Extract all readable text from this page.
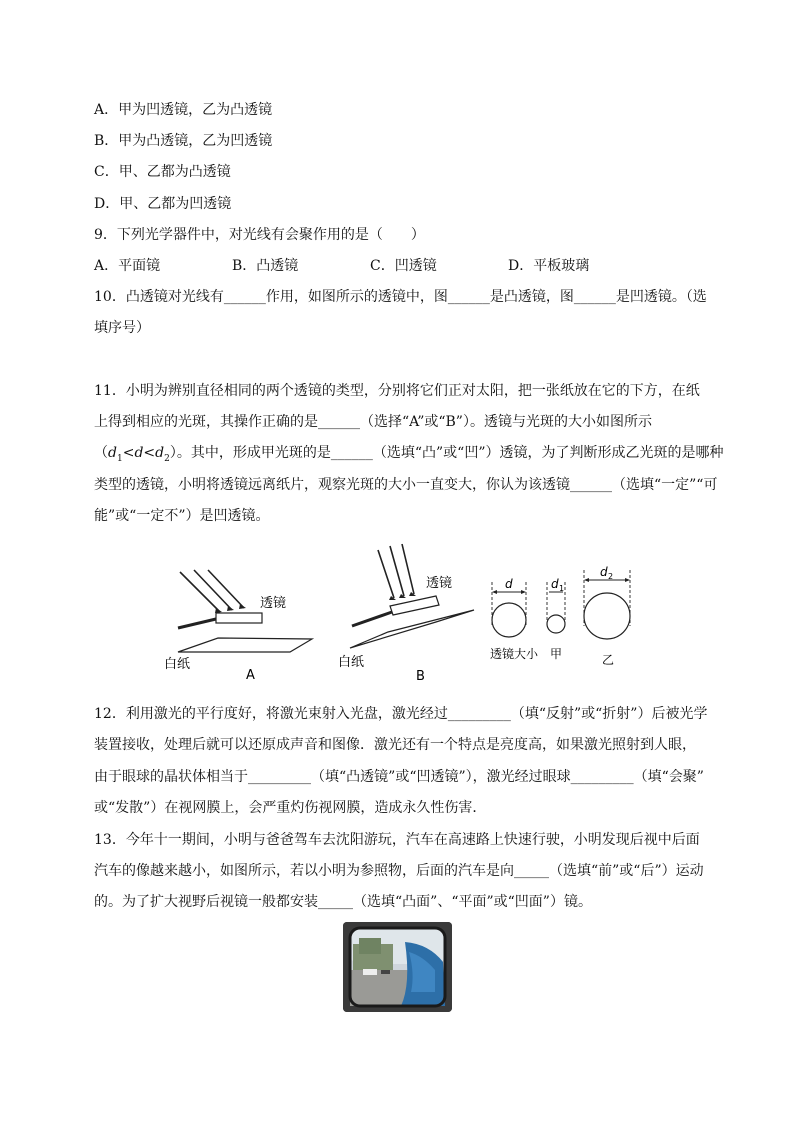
A．甲为凹透镜，乙为凸透镜
B．甲为凸透镜，乙为凹透镜
C．甲、乙都为凸透镜
D．甲、乙都为凹透镜
9．下列光学器件中，对光线有会聚作用的是（　　）
A．平面镜	B．凸透镜	C．凹透镜	D．平板玻璃
10．凸透镜对光线有______作用，如图所示的透镜中，图______是凸透镜，图______是凹透镜。（选
填序号）
11．小明为辨别直径相同的两个透镜的类型，分别将它们正对太阳，把一张纸放在它的下方，在纸
上得到相应的光斑，其操作正确的是______（选择“A”或“B”）。透镜与光斑的大小如图所示
$(d_1<d<d_2)$。其中，形成甲光斑的是______（选填“凸”或“凹”）透镜，为了判断形成乙光斑的是哪种
类型的透镜，小明将透镜远离纸片，观察光斑的大小一直变大，你认为该透镜______（选填“一定”“可
能”或“一定不”）是凹透镜。
透镜
白纸
A
透镜
白纸
B
d
透镜大小
d 1
甲
d 2
乙
12．利用激光的平行度好，将激光束射入光盘，激光经过_________（填“反射”或“折射”）后被光学
装置接收，处理后就可以还原成声音和图像．激光还有一个特点是亮度高，如果激光照射到人眼，
由于眼球的晶状体相当于_________（填“凸透镜”或“凹透镜”），激光经过眼球_________（填“会聚”
或“发散”）在视网膜上，会严重灼伤视网膜，造成永久性伤害．
13．今年十一期间，小明与爸爸驾车去沈阳游玩，汽车在高速路上快速行驶，小明发现后视中后面
汽车的像越来越小，如图所示，若以小明为参照物，后面的汽车是向_____（选填“前”或“后”）运动
的。为了扩大视野后视镜一般都安装_____（选填“凸面”、“平面”或“凹面”）镜。
